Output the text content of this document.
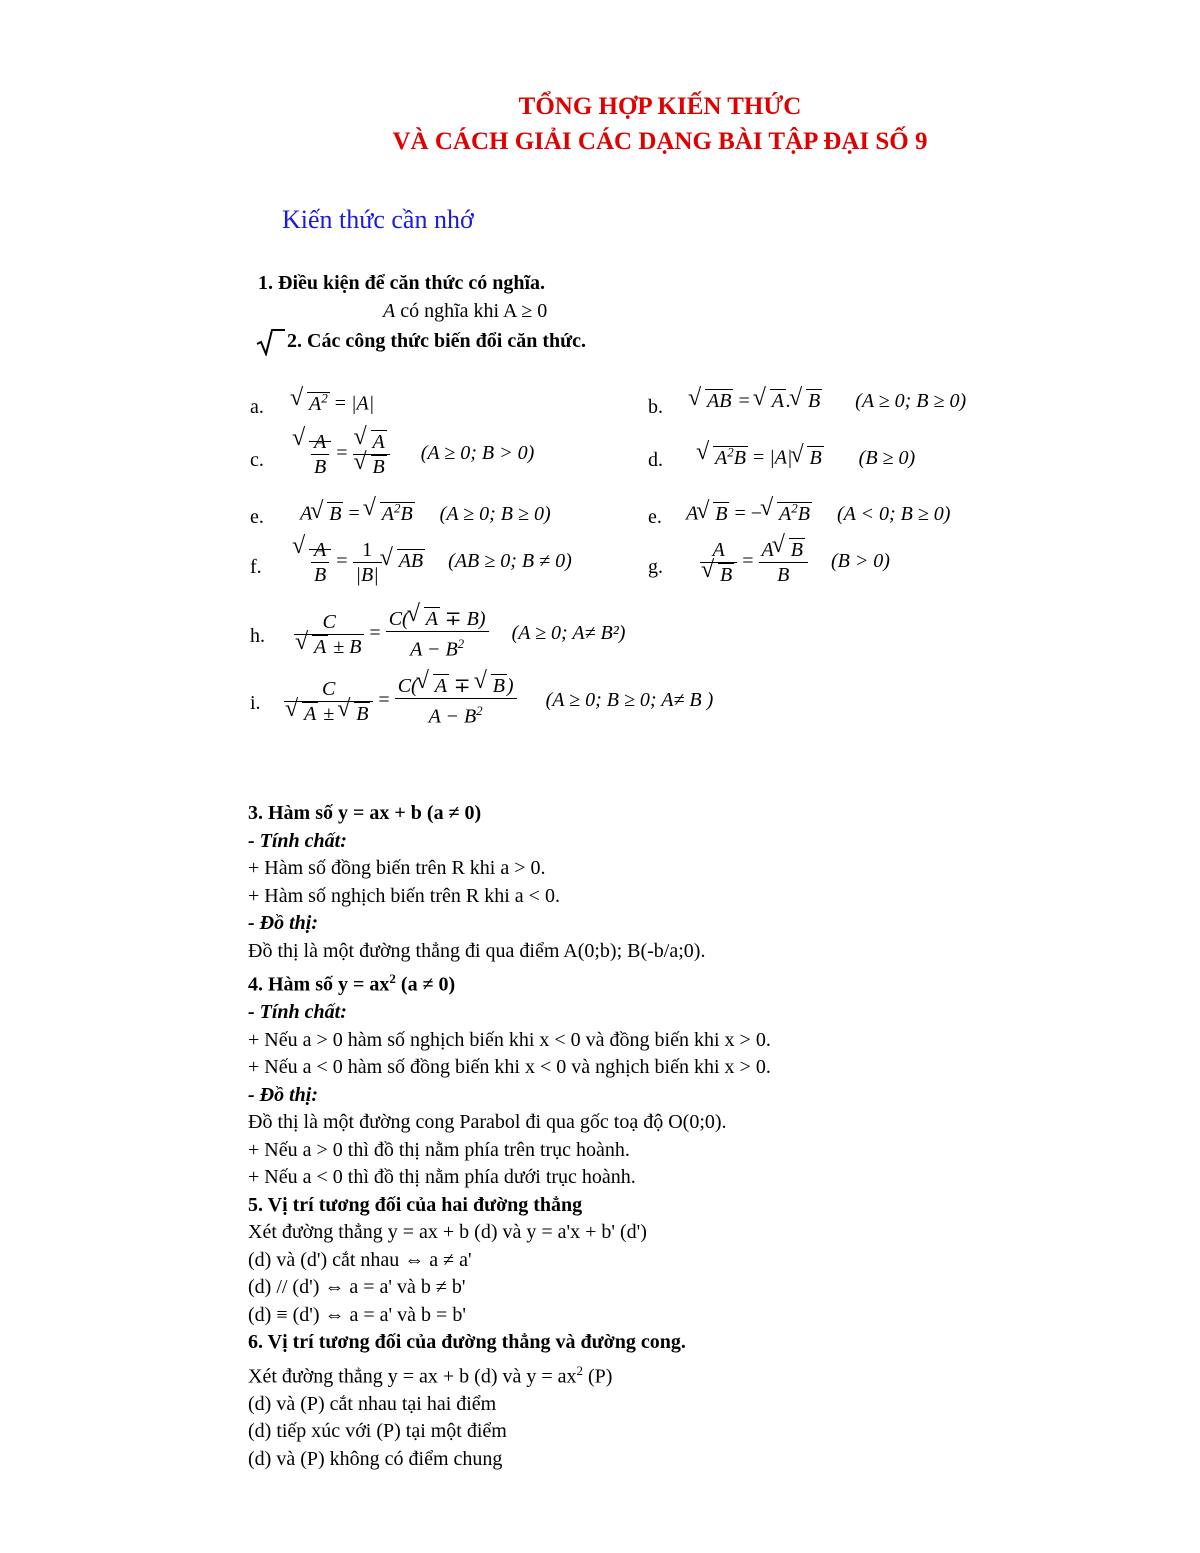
TỔNG HỢP KIẾN THỨC
VÀ CÁCH GIẢI CÁC DẠNG BÀI TẬP ĐẠI SỐ 9
Kiến thức cần nhớ
1. Điều kiện để căn thức có nghĩa.
A có nghĩa khi A ≥ 0
2. Các công thức biến đổi căn thức.
a.
√	$A^2 = |A|$	b.
√	AB = √ A .√ B (A ≥ 0; B ≥ 0)
c.
√ $\frac{A}{B}$ =
√ A
√ B (A ≥ 0; B > 0)	d.
√	$A^2B = |A|√$ B (B ≥ 0)
e. A√ B = √ $A^2B$ (A ≥ 0; B ≥ 0)	e. A√ B = −√ $A^2B$ (A < 0; B ≥ 0)
f.
√ $\frac{A}{B} = \frac{1}{|B|}$
√ AB (AB ≥ 0; B ≠ 0)	g. A
√ $B = \frac{A√ B}{B} (B > 0)$
h. C
√ $A \pm B = \frac{C(√ A \mp B)}{A - B^2} (A \ge 0$; A≠ B²)
i. C
√ A ± √ $B = \frac{C(√ A \mp √ B )}{A - B^2} (A \ge 0$; B ≥ 0; A≠ B )
3. Hàm số y = ax + b (a ≠ 0)
- Tính chất:
+ Hàm số đồng biến trên R khi a > 0.
+ Hàm số nghịch biến trên R khi a < 0.
- Đồ thị:
Đồ thị là một đường thẳng đi qua điểm A(0;b); B(-b/a;0).
4. Hàm số $y = ax^2$ (a ≠ 0)
- Tính chất:
+ Nếu a > 0 hàm số nghịch biến khi x < 0 và đồng biến khi x > 0.
+ Nếu a < 0 hàm số đồng biến khi x < 0 và nghịch biến khi x > 0.
- Đồ thị:
Đồ thị là một đường cong Parabol đi qua gốc toạ độ O(0;0).
+ Nếu a > 0 thì đồ thị nằm phía trên trục hoành.
+ Nếu a < 0 thì đồ thị nằm phía dưới trục hoành.
5. Vị trí tương đối của hai đường thẳng
Xét đường thẳng y = ax + b (d) và y = a'x + b' (d')
(d) và (d') cắt nhau ⇔ a ≠ a'
(d) // (d') ⇔ a = a' và b ≠ b'
(d) ≡ (d') ⇔ a = a' và b = b'
6. Vị trí tương đối của đường thẳng và đường cong.
Xét đường thẳng y = ax + b (d) và $y = ax^2$ (P)
(d) và (P) cắt nhau tại hai điểm
(d) tiếp xúc với (P) tại một điểm
(d) và (P) không có điểm chung
